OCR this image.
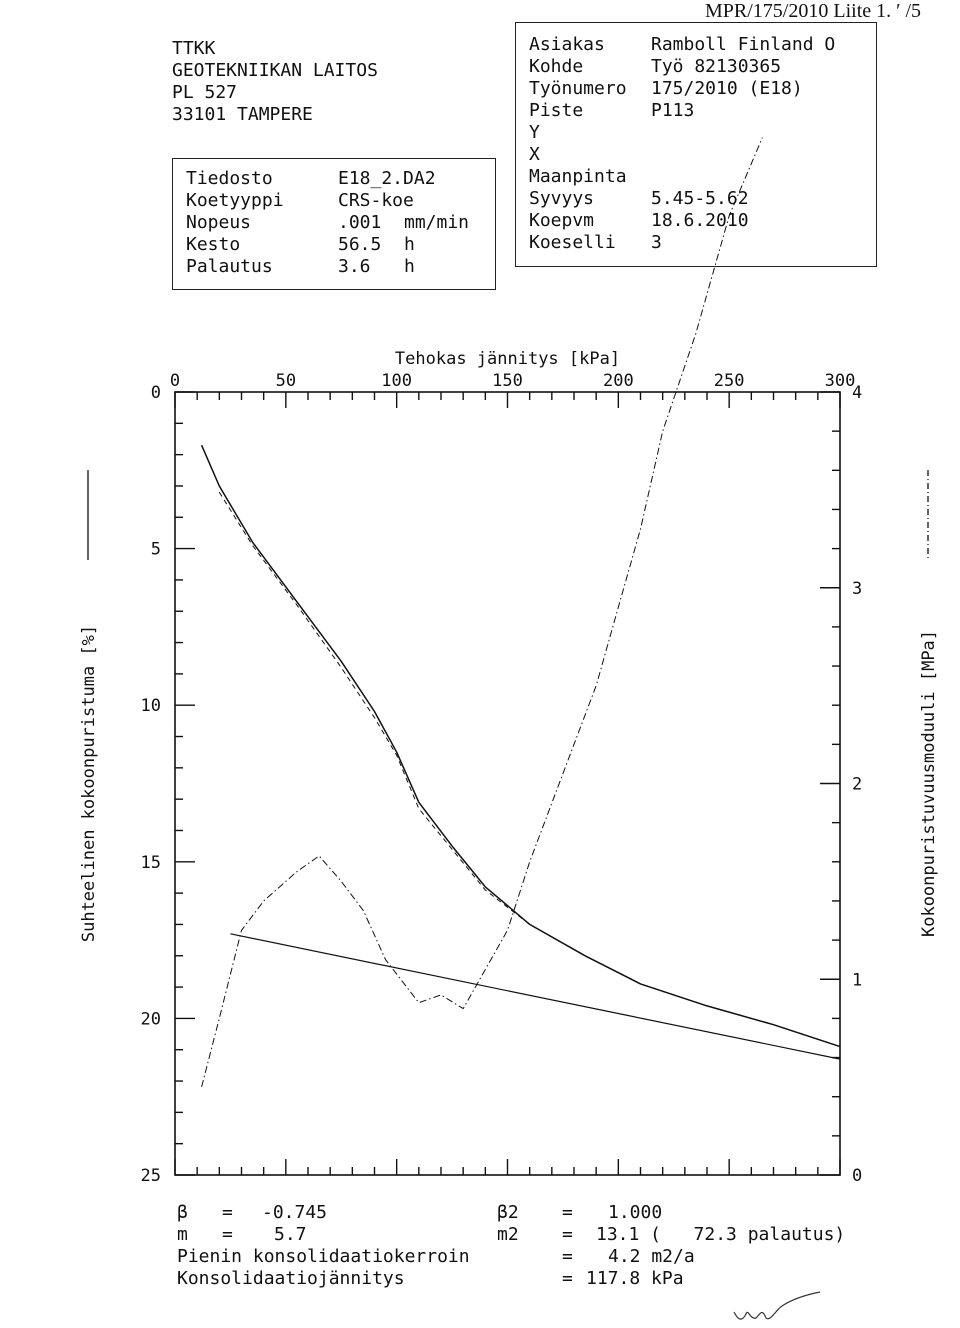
MPR/175/2010 Liite 1. ′ /5
TTKK
GEOTEKNIIKAN LAITOS
PL 527
33101 TAMPERE
Tiedosto	E18_2.DA2
Koetyyppi	CRS-koe
Nopeus	.001 mm/min
Kesto	56.5 h
Palautus	3.6 h
Asiakas	Ramboll Finland O
Kohde	Työ 82130365
Työnumero 175/2010 (E18)
Piste	P113
Y
X
Maanpinta
Syvyys	5.45-5.62
Koepvm	18.6.2010
Koeselli 3
0	50	100	150	200	250	300
0
5
10
15
20
25	0
1
2
3
4
Tehokas jännitys [kPa]
Suhteelinen kokoonpuristuma [%]	Kokoonpuristuvuusmoduuli [MPa]
β = -0.745	β2 = 1.000
m = 5.7	m2 = 13.1 (   72.3 palautus)
Pienin konsolidaatiokerroin	= 4.2 m2/a
Konsolidaatiojännitys	= 117.8 kPa
